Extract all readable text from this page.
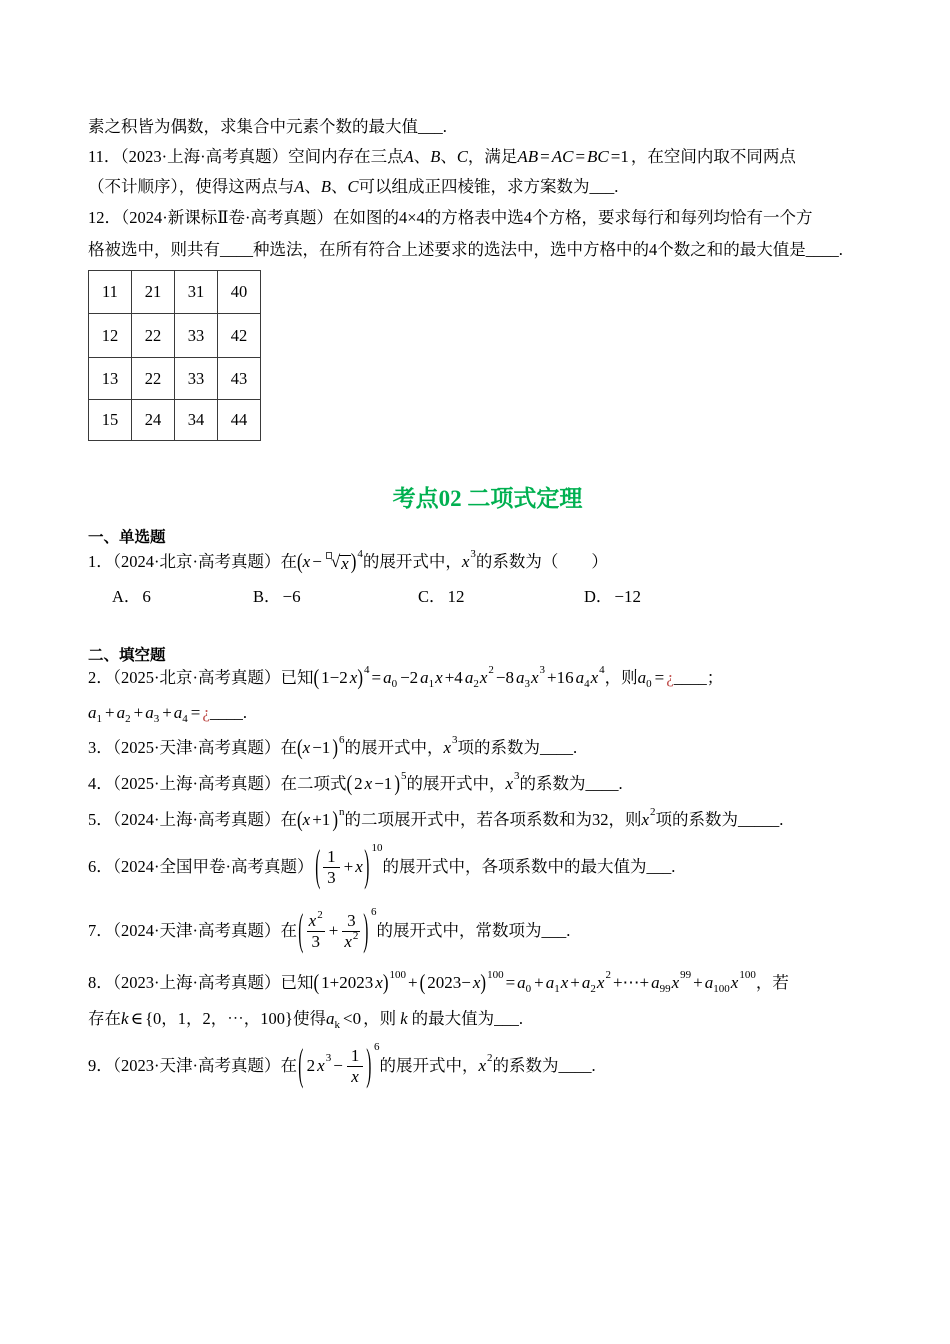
素之积皆为偶数，求集合中元素个数的最大值___.
11．（2023·上海·高考真题）空间内存在三点 A 、 B 、 C ，满足 AB = AC = BC =1 ，在空间内取不同两点
（不计顺序），使得这两点与 A 、 B 、 C 可以组成正四棱锥，求方案数为___.
12．（2024·新课标Ⅱ卷·高考真题）在如图的4×4的方格表中选4个方格，要求每行和每列均恰有一个方
格被选中，则共有____种选法，在所有符合上述要求的选法中，选中方格中的4个数之和的最大值是____.
11	21	31	40
12	22	33	42
13	22	33	43
15	24	34	44
考点02 二项式定理
一、单选题
1．（2024·北京·高考真题）在 ( x − √ x ) 4 的展开式中， x 3 的系数为（　　）
A． 6	B． −6	C． 12	D． −12
二、填空题
2．（2025·北京·高考真题）已知 ( 1−2 x ) 4 = a 0 −2 a 1 x +4 a 2 x 2 −8 a 3 x 3 +16 a 4 x 4 ，则 a 0 = ¿ ____；
a 1 + a 2 + a 3 + a 4 = ¿ ____.
3．（2025·天津·高考真题）在 ( x −1 ) 6 的展开式中， x 3 项的系数为____.
4．（2025·上海·高考真题）在二项式 ( 2 x −1 ) 5 的展开式中， x 3 的系数为____.
5．（2024·上海·高考真题）在 ( x +1 ) n 的二项展开式中，若各项系数和为32，则 x 2 项的系数为_____.
6．（2024·全国甲卷·高考真题） ( $\frac{1}{3} + x$ ) 10
的展开式中，各项系数中的最大值为___.
7．（2024·天津·高考真题）在 ( $\frac{x 2}{3} + \frac{3}{x 2}$ ) 6
的展开式中，常数项为___.
8．（2023·上海·高考真题）已知 ( 1+2023 x ) 100 + ( 2023− x ) 100 = a 0 + a 1 x + a 2 x 2 +⋯+ a 99 x 99 + a 100 x 100 ，若
存在 k ∈ {0，1，2，⋯，100}使得 a k <0 ，则 k 的最大值为___.
9．（2023·天津·高考真题）在 ( 2 x $3 - \frac{1}{x}$ ) 6
的展开式中， x 2 的系数为____.
